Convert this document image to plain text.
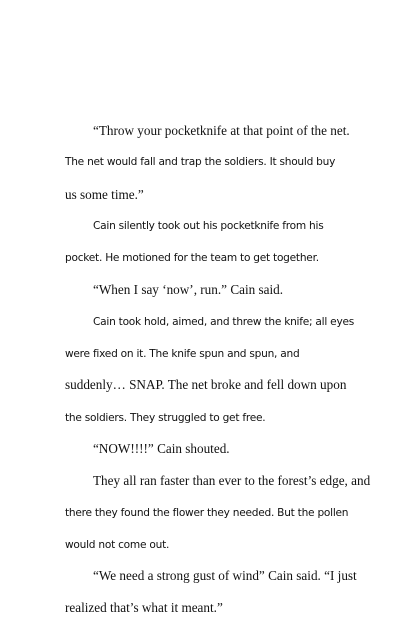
“Throw your pocketknife at that point of the net.
The net would fall and trap the soldiers. It should buy
us some time.”
Cain silently took out his pocketknife from his
pocket. He motioned for the team to get together.
“When I say ‘now’, run.” Cain said.
Cain took hold, aimed, and threw the knife; all eyes
were fixed on it. The knife spun and spun, and
suddenly… SNAP. The net broke and fell down upon
the soldiers. They struggled to get free.
“NOW!!!!” Cain shouted.
They all ran faster than ever to the forest’s edge, and
there they found the flower they needed. But the pollen
would not come out.
“We need a strong gust of wind” Cain said. “I just
realized that’s what it meant.”
